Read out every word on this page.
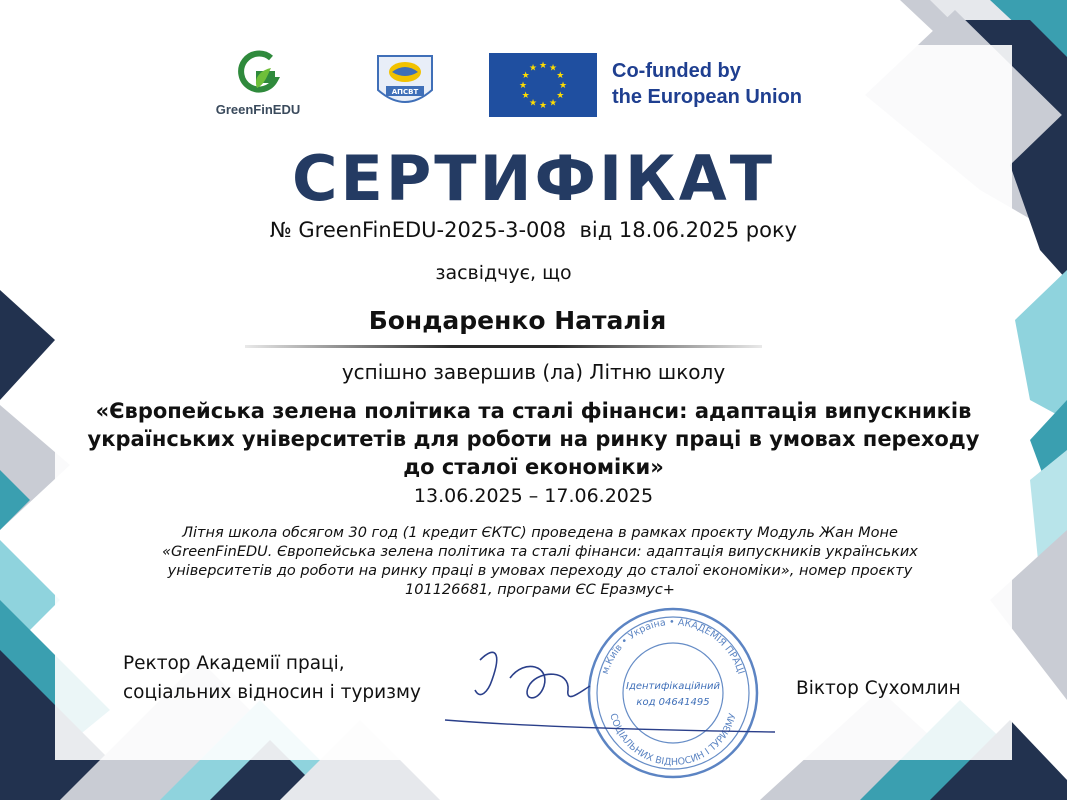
GreenFinEDU
АПСВТ
★ ★
★
★
★
★
★
★
★
★
★
★	Co-funded by
the European Union
СЕРТИФІКАТ
№ GreenFinEDU-2025-3-008  від 18.06.2025 року
засвідчує, що
Бондаренко Наталія
успішно завершив (ла) Літню школу
«Європейська зелена політика та сталі фінанси: адаптація випускників українських університетів для роботи на ринку праці в умовах переходу до сталої економіки»
13.06.2025 – 17.06.2025
Літня школа обсягом 30 год (1 кредит ЄКТС) проведена в рамках проєкту Модуль Жан Моне «GreenFinEDU. Європейська зелена політика та сталі фінанси: адаптація випускників українських університетів до роботи на ринку праці в умовах переходу до сталої економіки», номер проєкту 101126681, програми ЄС Еразмус+
Ректор Академії праці,
соціальних відносин і туризму
м.Київ • Україна • АКАДЕМІЯ ПРАЦІ
СОЦІАЛЬНИХ ВІДНОСИН І ТУРИЗМУ
Ідентифікаційний
код 04641495
Віктор Сухомлин
